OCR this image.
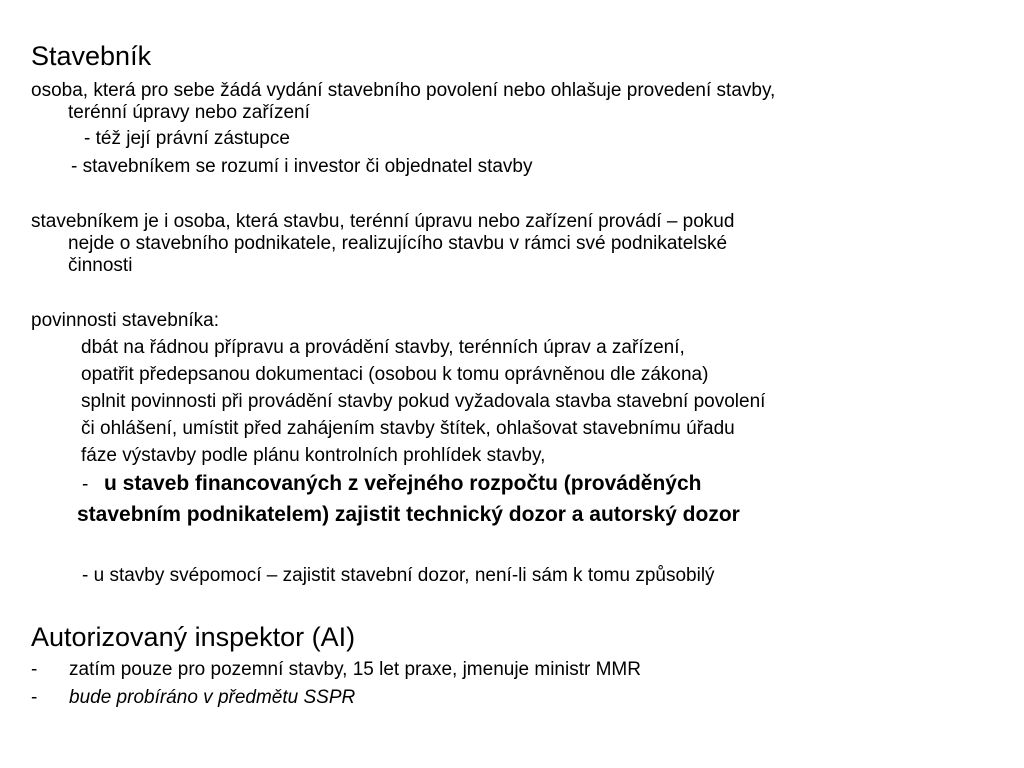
Stavebník

osoba, která pro sebe žádá vydání stavebního povolení nebo ohlašuje provedení stavby,

terénní úpravy nebo zařízení

- též její právní zástupce

- stavebníkem se rozumí i investor či objednatel stavby

stavebníkem je i osoba, která stavbu, terénní úpravu nebo zařízení provádí – pokud

nejde o stavebního podnikatele, realizujícího stavbu v rámci své podnikatelské

činnosti

povinnosti stavebníka:

dbát na řádnou přípravu a provádění stavby, terénních úprav a zařízení,

opatřit předepsanou dokumentaci (osobou k tomu oprávněnou dle zákona)

splnit povinnosti při provádění stavby pokud vyžadovala stavba stavební povolení

či ohlášení, umístit před zahájením stavby štítek, ohlašovat stavebnímu úřadu

fáze výstavby podle plánu kontrolních prohlídek stavby,

- u staveb financovaných z veřejného rozpočtu (prováděných

stavebním podnikatelem) zajistit technický dozor a autorský dozor

- u stavby svépomocí – zajistit stavební dozor, není-li sám k tomu způsobilý

Autorizovaný inspektor (AI)
- zatím pouze pro pozemní stavby, 15 let praxe, jmenuje ministr MMR

- bude probíráno v předmětu SSPR
